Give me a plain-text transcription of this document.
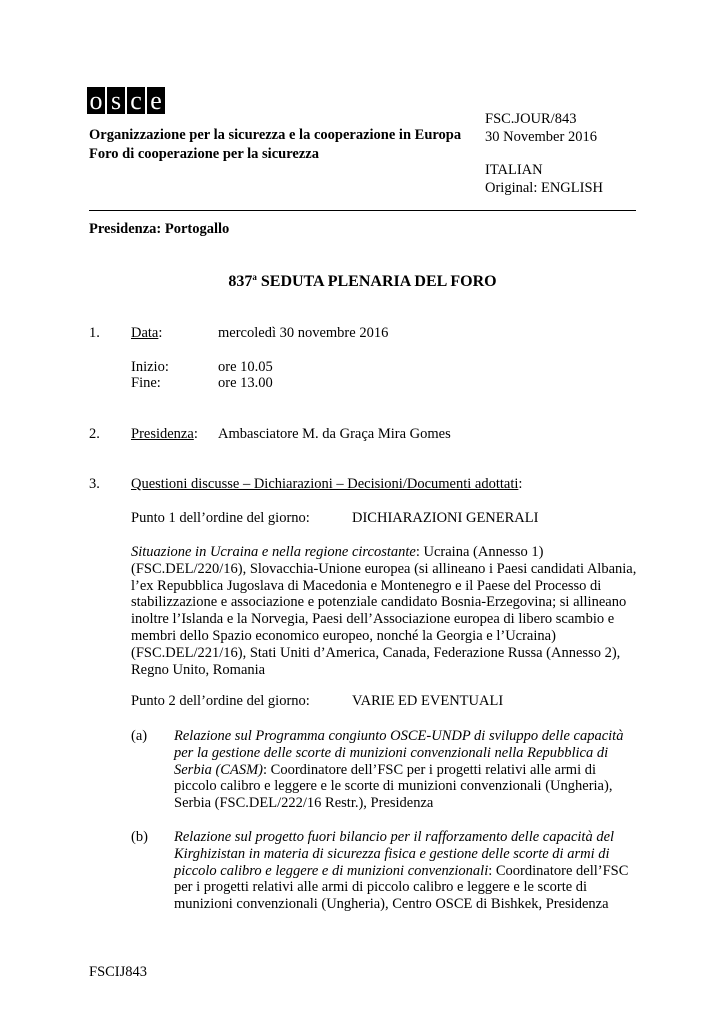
o s c e
Organizzazione per la sicurezza e la cooperazione in Europa
Foro di cooperazione per la sicurezza
FSC.JOUR/843
30 November 2016
ITALIAN
Original: ENGLISH
Presidenza: Portogallo
837$^a$ SEDUTA PLENARIA DEL FORO
1. Data:	mercoledì 30 novembre 2016
Inizio:	ore 10.05
Fine:	ore 13.00
2. Presidenza: Ambasciatore M. da Graça Mira Gomes
3. Questioni discusse – Dichiarazioni – Decisioni/Documenti adottati:
Punto 1 dell’ordine del giorno:	DICHIARAZIONI GENERALI
Situazione in Ucraina e nella regione circostante: Ucraina (Annesso 1) (FSC.DEL/220/16), Slovacchia-Unione europea (si allineano i Paesi candidati Albania, l’ex Repubblica Jugoslava di Macedonia e Montenegro e il Paese del Processo di stabilizzazione e associazione e potenziale candidato Bosnia-Erzegovina; si allineano inoltre l’Islanda e la Norvegia, Paesi dell’Associazione europea di libero scambio e membri dello Spazio economico europeo, nonché la Georgia e l’Ucraina) (FSC.DEL/221/16), Stati Uniti d’America, Canada, Federazione Russa (Annesso 2), Regno Unito, Romania
Punto 2 dell’ordine del giorno:	VARIE ED EVENTUALI
(a) Relazione sul Programma congiunto OSCE-UNDP di sviluppo delle capacità per la gestione delle scorte di munizioni convenzionali nella Repubblica di Serbia (CASM): Coordinatore dell’FSC per i progetti relativi alle armi di piccolo calibro e leggere e le scorte di munizioni convenzionali (Ungheria), Serbia (FSC.DEL/222/16 Restr.), Presidenza
(b) Relazione sul progetto fuori bilancio per il rafforzamento delle capacità del Kirghizistan in materia di sicurezza fisica e gestione delle scorte di armi di piccolo calibro e leggere e di munizioni convenzionali: Coordinatore dell’FSC per i progetti relativi alle armi di piccolo calibro e leggere e le scorte di munizioni convenzionali (Ungheria), Centro OSCE di Bishkek, Presidenza
FSCIJ843
